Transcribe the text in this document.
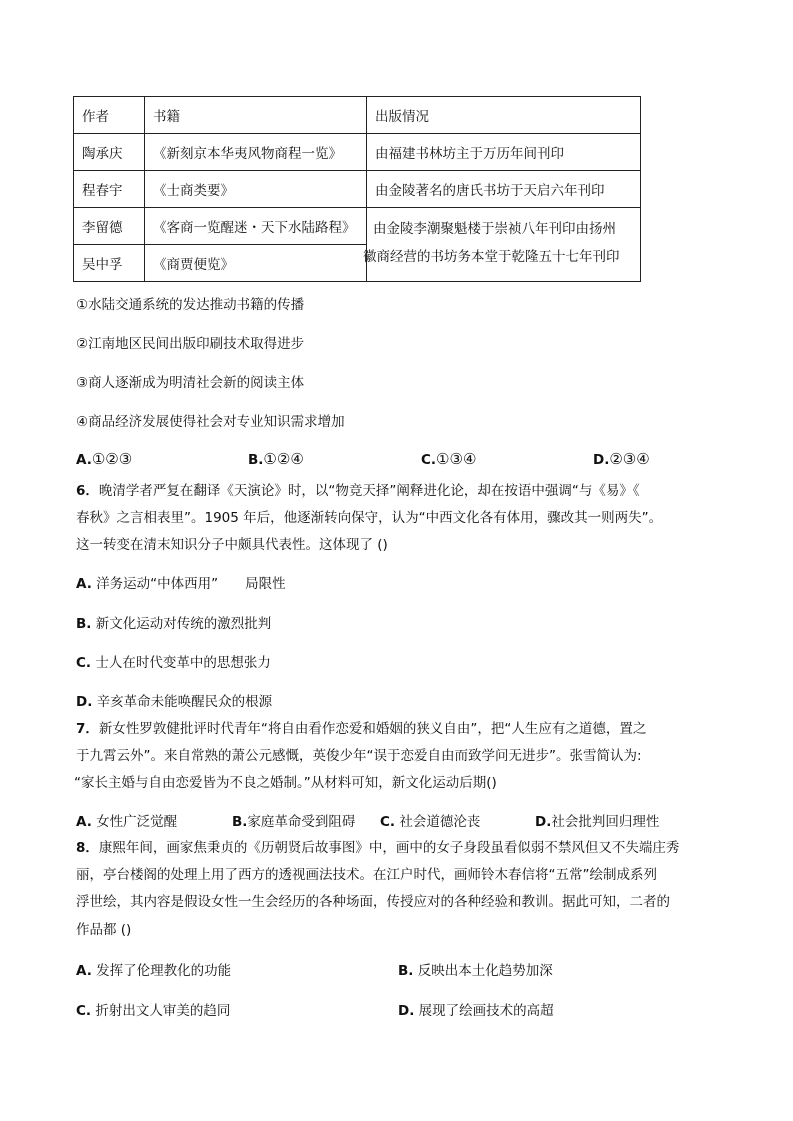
作者	书籍	出版情况
陶承庆	《新刻京本华夷风物商程一览》	由福建书林坊主于万历年间刊印
程春宇	《士商类要》	由金陵著名的唐氏书坊于天启六年刊印
李留德	《客商一览醒迷・天下水陆路程》	由金陵李潮聚魁楼于崇祯八年刊印由扬州
徽商经营的书坊务本堂于乾隆五十七年刊印

吴中孚	《商贾便览》	
①水陆交通系统的发达推动书籍的传播
②江南地区民间出版印刷技术取得进步
③商人逐渐成为明清社会新的阅读主体
④商品经济发展使得社会对专业知识需求增加
A.①②③	B.①②④	C.①③④	D.②③④
6．晚清学者严复在翻译《天演论》时，以“物竞天择”阐释进化论，却在按语中强调“与《易》《
春秋》之言相表里”。1905 年后，他逐渐转向保守，认为“中西文化各有体用，骤改其一则两失”。
这一转变在清末知识分子中颇具代表性。这体现了 ()
A. 洋务运动“中体西用”　　局限性
B. 新文化运动对传统的激烈批判
C. 士人在时代变革中的思想张力
D. 辛亥革命未能唤醒民众的根源
7．新女性罗敦健批评时代青年“将自由看作恋爱和婚姻的狭义自由”，把“人生应有之道德，置之
于九霄云外”。来自常熟的萧公元感慨，英俊少年“误于恋爱自由而致学问无进步”。张雪简认为:
“家长主婚与自由恋爱皆为不良之婚制。”从材料可知，新文化运动后期()
A. 女性广泛觉醒	B.家庭革命受到阻碍 C. 社会道德沦丧	D.社会批判回归理性
8．康熙年间，画家焦秉贞的《历朝贤后故事图》中，画中的女子身段虽看似弱不禁风但又不失端庄秀
丽，亭台楼阁的处理上用了西方的透视画法技术。在江户时代，画师铃木春信将“五常”绘制成系列
浮世绘，其内容是假设女性一生会经历的各种场面，传授应对的各种经验和教训。据此可知，二者的
作品都 ()
A. 发挥了伦理教化的功能	B. 反映出本土化趋势加深
C. 折射出文人审美的趋同	D. 展现了绘画技术的高超
